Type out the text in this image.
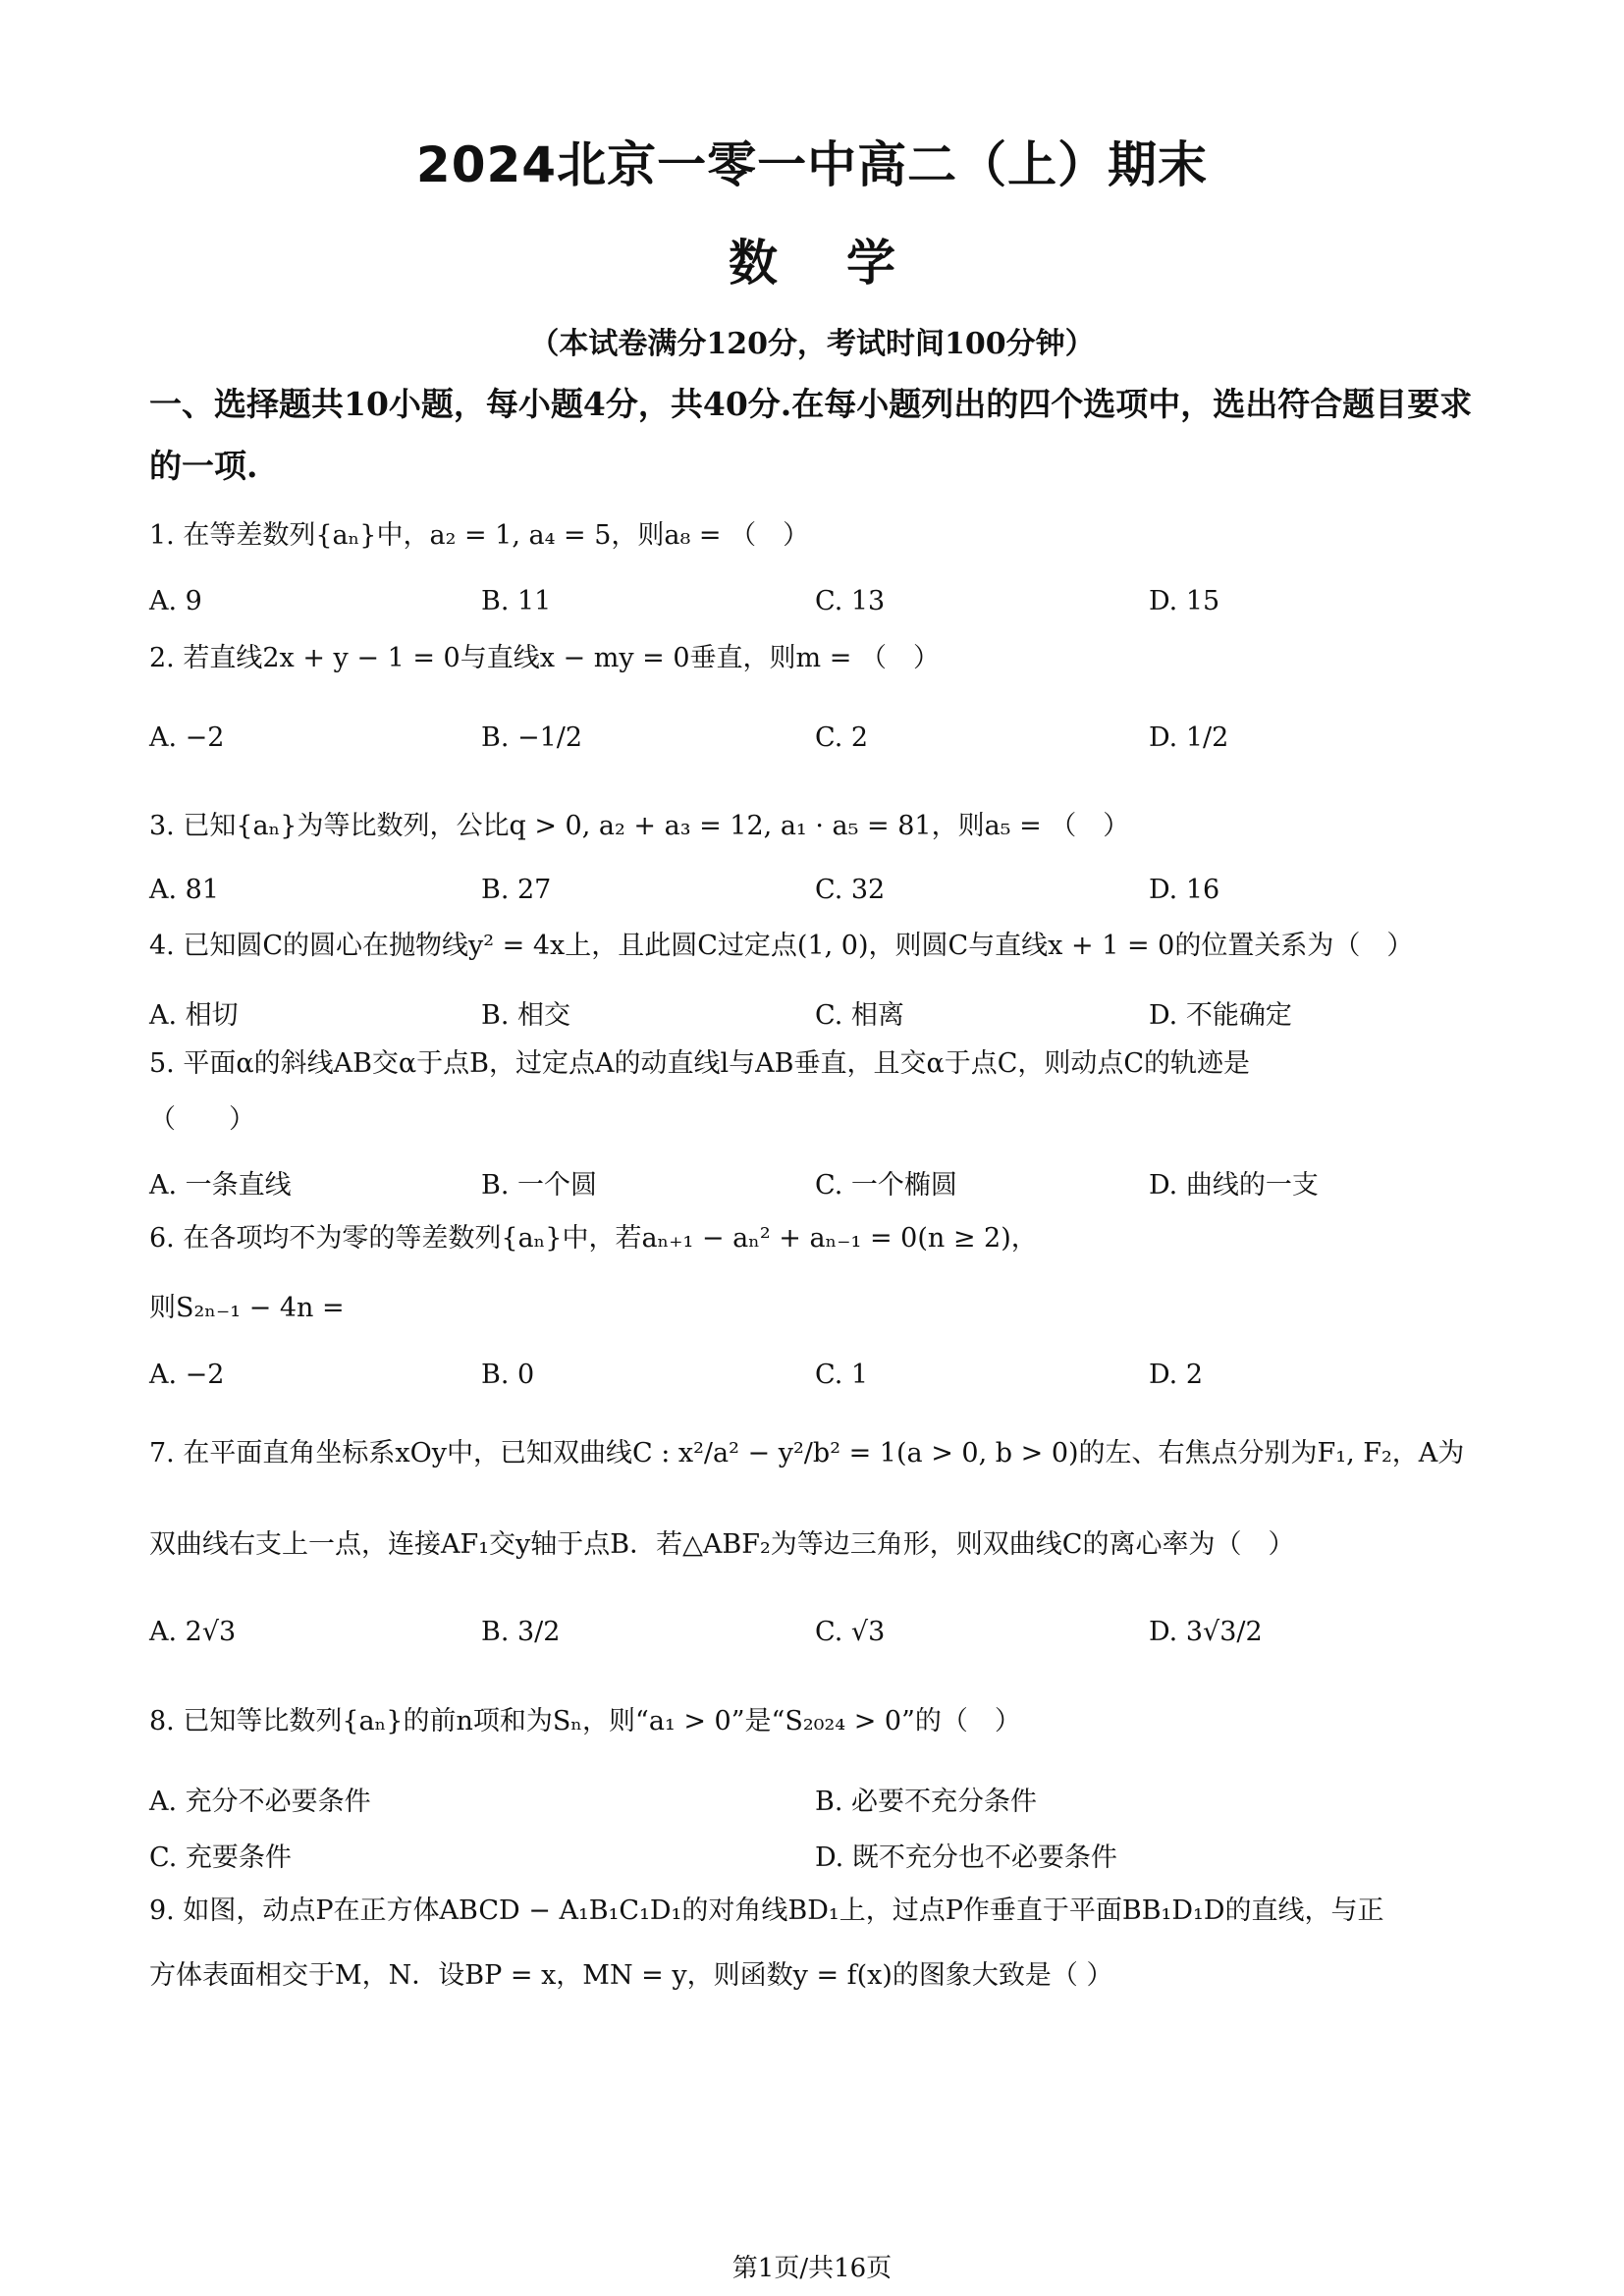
2024北京一零一中高二（上）期末
数学
（本试卷满分120分，考试时间100分钟）
一、选择题共10小题，每小题4分，共40分.在每小题列出的四个选项中，选出符合题目要求的一项.
1. 在等差数列{aₙ}中，a₂ = 1, a₄ = 5，则a₈ = （　）
A. 9	B. 11	C. 13	D. 15
2. 若直线2x + y − 1 = 0与直线x − my = 0垂直，则m = （　）
A. −2	B. −1/2	C. 2	D. 1/2
3. 已知{aₙ}为等比数列，公比q > 0, a₂ + a₃ = 12, a₁ · a₅ = 81，则a₅ = （　）
A. 81	B. 27	C. 32	D. 16
4. 已知圆C的圆心在抛物线y² = 4x上，且此圆C过定点(1, 0)，则圆C与直线x + 1 = 0的位置关系为（　）
A. 相切	B. 相交	C. 相离	D. 不能确定
5. 平面α的斜线AB交α于点B，过定点A的动直线l与AB垂直，且交α于点C，则动点C的轨迹是
（　　）
A. 一条直线	B. 一个圆	C. 一个椭圆	D. 曲线的一支
6. 在各项均不为零的等差数列{aₙ}中，若aₙ₊₁ − aₙ² + aₙ₋₁ = 0(n ≥ 2)，
则S₂ₙ₋₁ − 4n =
A. −2	B. 0	C. 1	D. 2
7. 在平面直角坐标系xOy中，已知双曲线C : x²/a² − y²/b² = 1(a > 0, b > 0)的左、右焦点分别为F₁, F₂，A为
双曲线右支上一点，连接AF₁交y轴于点B．若△ABF₂为等边三角形，则双曲线C的离心率为（　）
A. 2√3	B. 3/2	C. √3	D. 3√3/2
8. 已知等比数列{aₙ}的前n项和为Sₙ，则“a₁ > 0”是“S₂₀₂₄ > 0”的（　）
A. 充分不必要条件	B. 必要不充分条件
C. 充要条件	D. 既不充分也不必要条件
9. 如图，动点P在正方体ABCD − A₁B₁C₁D₁的对角线BD₁上，过点P作垂直于平面BB₁D₁D的直线，与正
方体表面相交于M，N．设BP = x，MN = y，则函数y = f(x)的图象大致是（ ）
第1页/共16页
